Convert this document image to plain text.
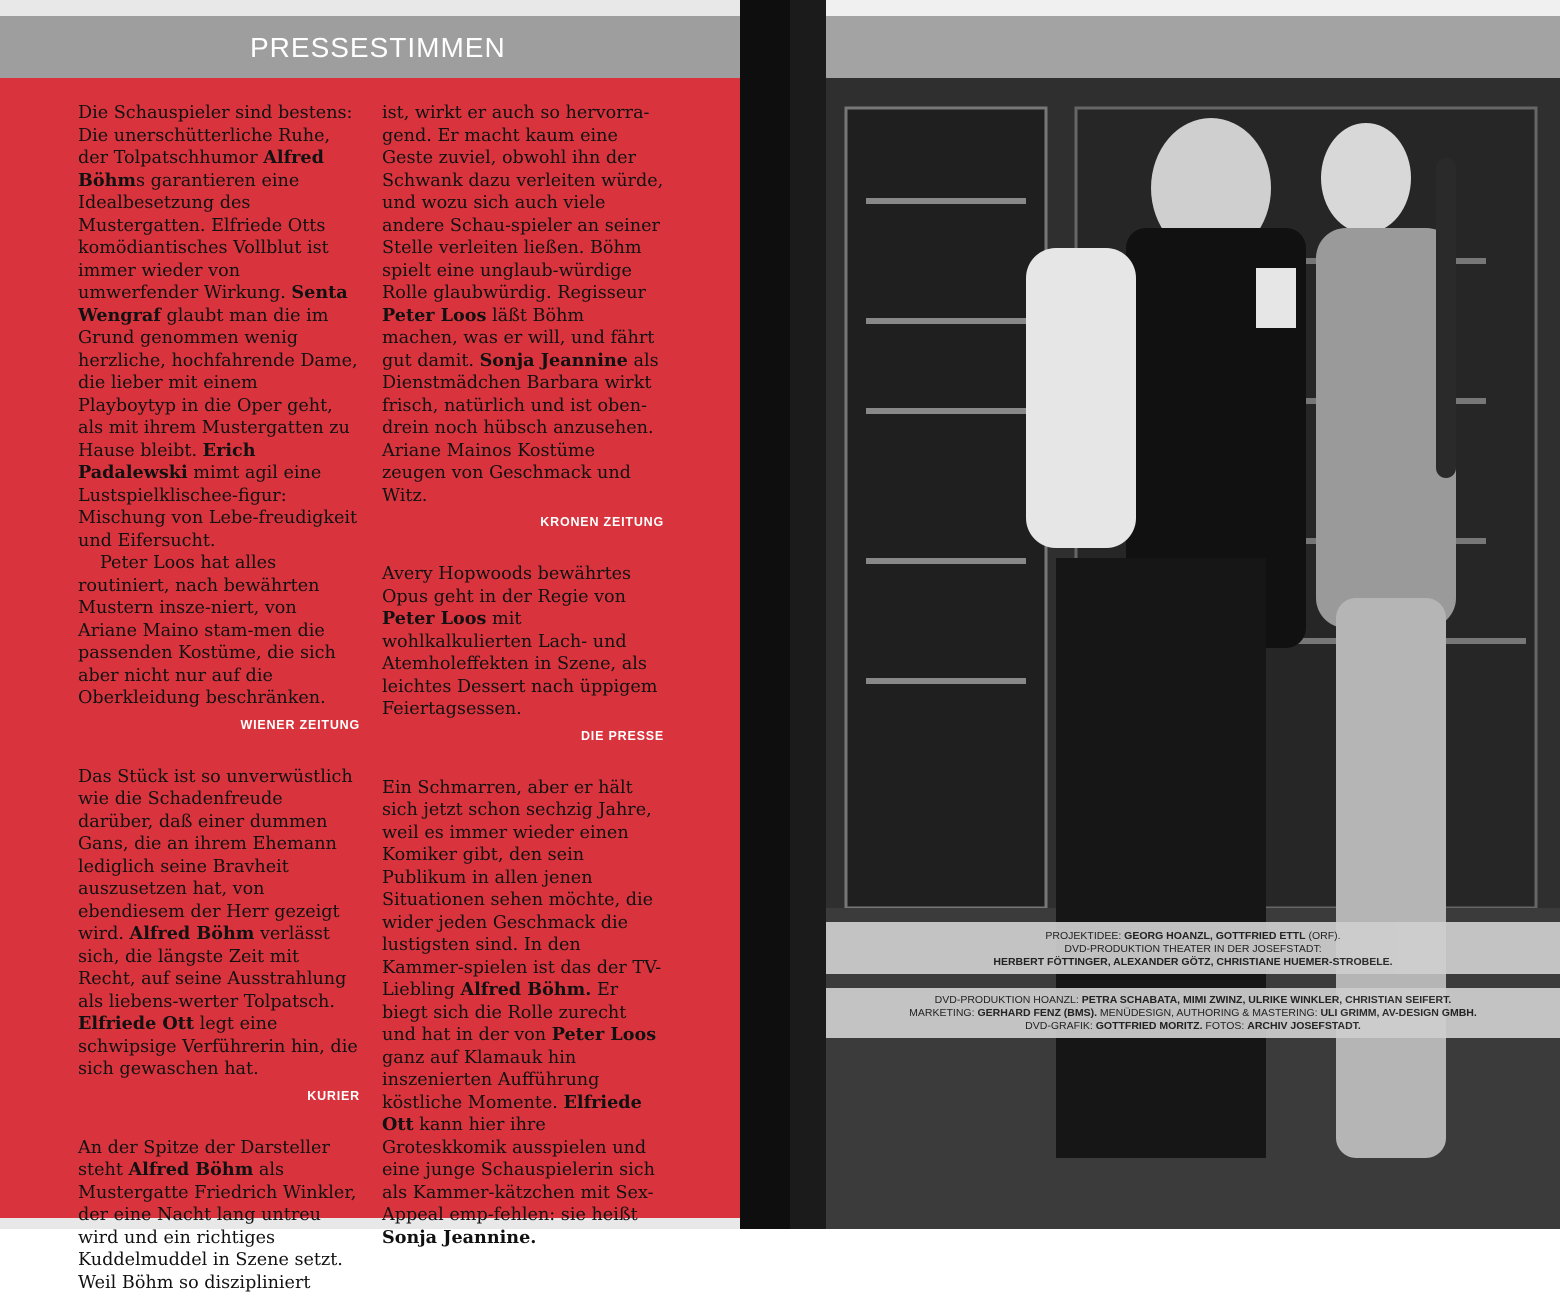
PRESSESTIMMEN

Die Schauspieler sind bestens: Die unerschütterliche Ruhe, der Tolpatschhumor Alfred Böhms garantieren eine Idealbesetzung des Mustergatten. Elfriede Otts komödiantisches Vollblut ist immer wieder von umwerfender Wirkung. Senta Wengraf glaubt man die im Grund genommen wenig herzliche, hochfahrende Dame, die lieber mit einem Playboytyp in die Oper geht, als mit ihrem Mustergatten zu Hause bleibt. Erich Padalewski mimt agil eine Lustspielklischee-figur: Mischung von Lebe-freudigkeit und Eifersucht.

Peter Loos hat alles routiniert, nach bewährten Mustern insze-niert, von Ariane Maino stam-men die passenden Kostüme, die sich aber nicht nur auf die Oberkleidung beschränken.

WIENER ZEITUNG

Das Stück ist so unverwüstlich wie die Schadenfreude darüber, daß einer dummen Gans, die an ihrem Ehemann lediglich seine Bravheit auszusetzen hat, von ebendiesem der Herr gezeigt wird. Alfred Böhm verlässt sich, die längste Zeit mit Recht, auf seine Ausstrahlung als liebens-werter Tolpatsch. Elfriede Ott legt eine schwipsige Verführerin hin, die sich gewaschen hat.

KURIER

An der Spitze der Darsteller steht Alfred Böhm als Mustergatte Friedrich Winkler, der eine Nacht lang untreu wird und ein richtiges Kuddelmuddel in Szene setzt. Weil Böhm so diszipliniert

ist, wirkt er auch so hervorra-gend. Er macht kaum eine Geste zuviel, obwohl ihn der Schwank dazu verleiten würde, und wozu sich auch viele andere Schau-spieler an seiner Stelle verleiten ließen. Böhm spielt eine unglaub-würdige Rolle glaubwürdig. Regisseur Peter Loos läßt Böhm machen, was er will, und fährt gut damit. Sonja Jeannine als Dienstmädchen Barbara wirkt frisch, natürlich und ist oben-drein noch hübsch anzusehen. Ariane Mainos Kostüme zeugen von Geschmack und Witz.

KRONEN ZEITUNG

Avery Hopwoods bewährtes Opus geht in der Regie von Peter Loos mit wohlkalkulierten Lach- und Atemholeffekten in Szene, als leichtes Dessert nach üppigem Feiertagsessen.

DIE PRESSE

Ein Schmarren, aber er hält sich jetzt schon sechzig Jahre, weil es immer wieder einen Komiker gibt, den sein Publikum in allen jenen Situationen sehen möchte, die wider jeden Geschmack die lustigsten sind. In den Kammer-spielen ist das der TV-Liebling Alfred Böhm. Er biegt sich die Rolle zurecht und hat in der von Peter Loos ganz auf Klamauk hin inszenierten Aufführung köstliche Momente. Elfriede Ott kann hier ihre Groteskkomik ausspielen und eine junge Schauspielerin sich als Kammer-kätzchen mit Sex-Appeal emp-fehlen: sie heißt Sonja Jeannine.

ARBEITER ZEITUNG

PROJEKTIDEE: GEORG HOANZL, GOTTFRIED ETTL (ORF).

DVD-PRODUKTION THEATER IN DER JOSEFSTADT:

HERBERT FÖTTINGER, ALEXANDER GÖTZ, CHRISTIANE HUEMER-STROBELE.

DVD-PRODUKTION HOANZL: PETRA SCHABATA, MIMI ZWINZ, ULRIKE WINKLER, CHRISTIAN SEIFERT.

MARKETING: GERHARD FENZ (BMS). MENÜDESIGN, AUTHORING & MASTERING: ULI GRIMM, AV-DESIGN GMBH.

DVD-GRAFIK: GOTTFRIED MORITZ. FOTOS: ARCHIV JOSEFSTADT.
